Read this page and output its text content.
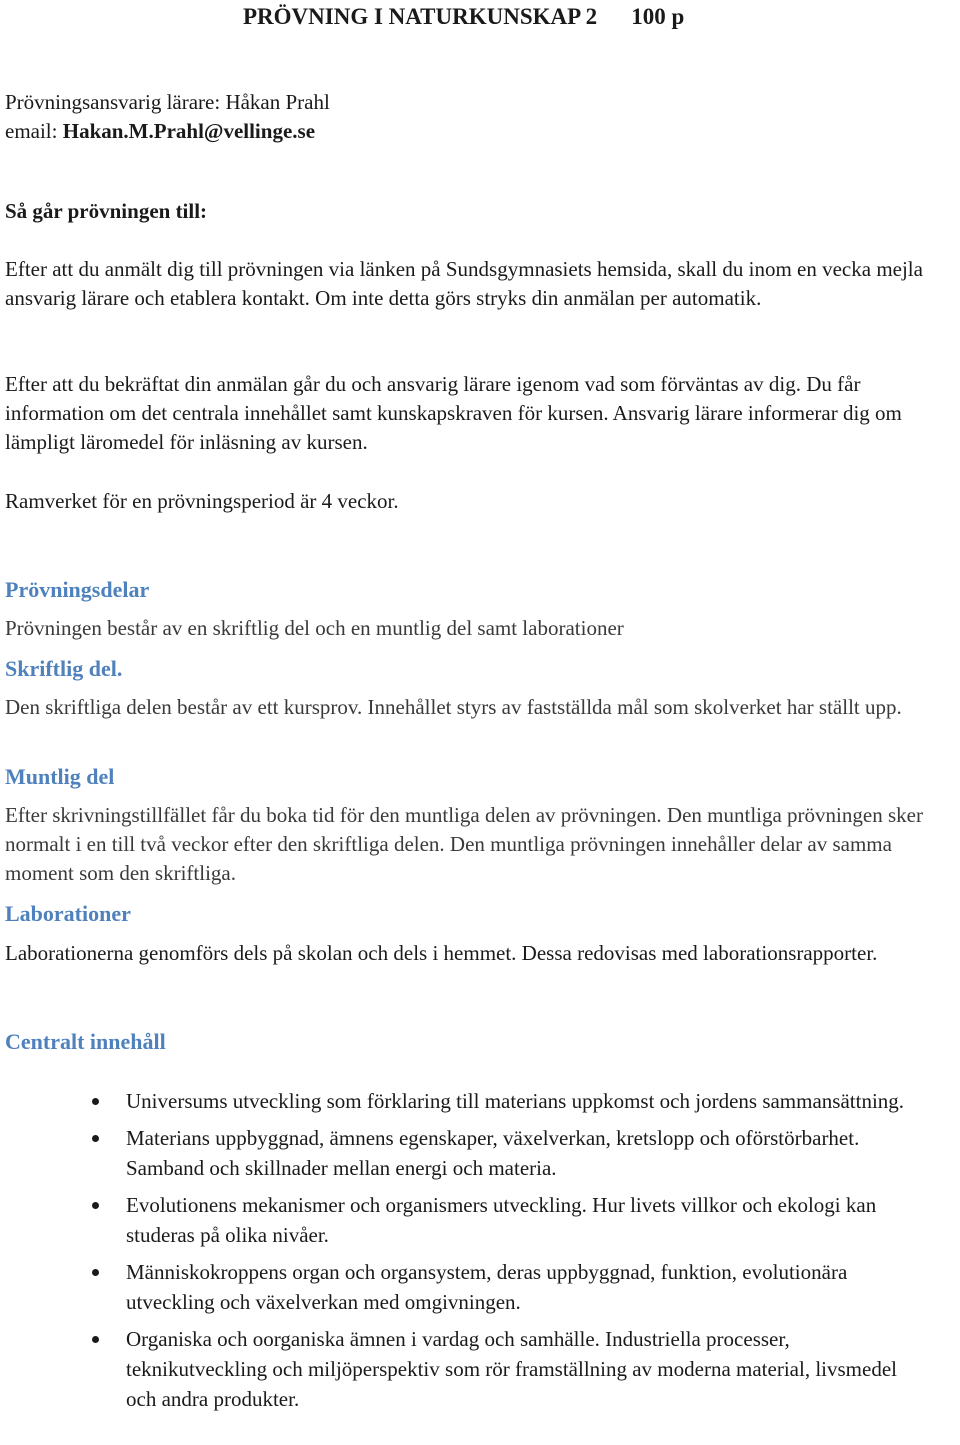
PRÖVNING I NATURKUNSKAP 2 100 p
Prövningsansvarig lärare: Håkan Prahl
email: Hakan.M.Prahl@vellinge.se
Så går prövningen till:
Efter att du anmält dig till prövningen via länken på Sundsgymnasiets hemsida, skall du inom en vecka mejla ansvarig lärare och etablera kontakt. Om inte detta görs stryks din anmälan per automatik.
Efter att du bekräftat din anmälan går du och ansvarig lärare igenom vad som förväntas av dig. Du får information om det centrala innehållet samt kunskapskraven för kursen. Ansvarig lärare informerar dig om lämpligt läromedel för inläsning av kursen.
Ramverket för en prövningsperiod är 4 veckor.
Prövningsdelar
Prövningen består av en skriftlig del och en muntlig del samt laborationer
Skriftlig del.
Den skriftliga delen består av ett kursprov. Innehållet styrs av fastställda mål som skolverket har ställt upp.
Muntlig del
Efter skrivningstillfället får du boka tid för den muntliga delen av prövningen. Den muntliga prövningen sker normalt i en till två veckor efter den skriftliga delen. Den muntliga prövningen innehåller delar av samma moment som den skriftliga.
Laborationer
Laborationerna genomförs dels på skolan och dels i hemmet. Dessa redovisas med laborationsrapporter.
Centralt innehåll
Universums utveckling som förklaring till materians uppkomst och jordens sammansättning.
Materians uppbyggnad, ämnens egenskaper, växelverkan, kretslopp och oförstörbarhet. Samband och skillnader mellan energi och materia.
Evolutionens mekanismer och organismers utveckling. Hur livets villkor och ekologi kan studeras på olika nivåer.
Människokroppens organ och organsystem, deras uppbyggnad, funktion, evolutionära utveckling och växelverkan med omgivningen.
Organiska och oorganiska ämnen i vardag och samhälle. Industriella processer, teknikutveckling och miljöperspektiv som rör framställning av moderna material, livsmedel och andra produkter.
